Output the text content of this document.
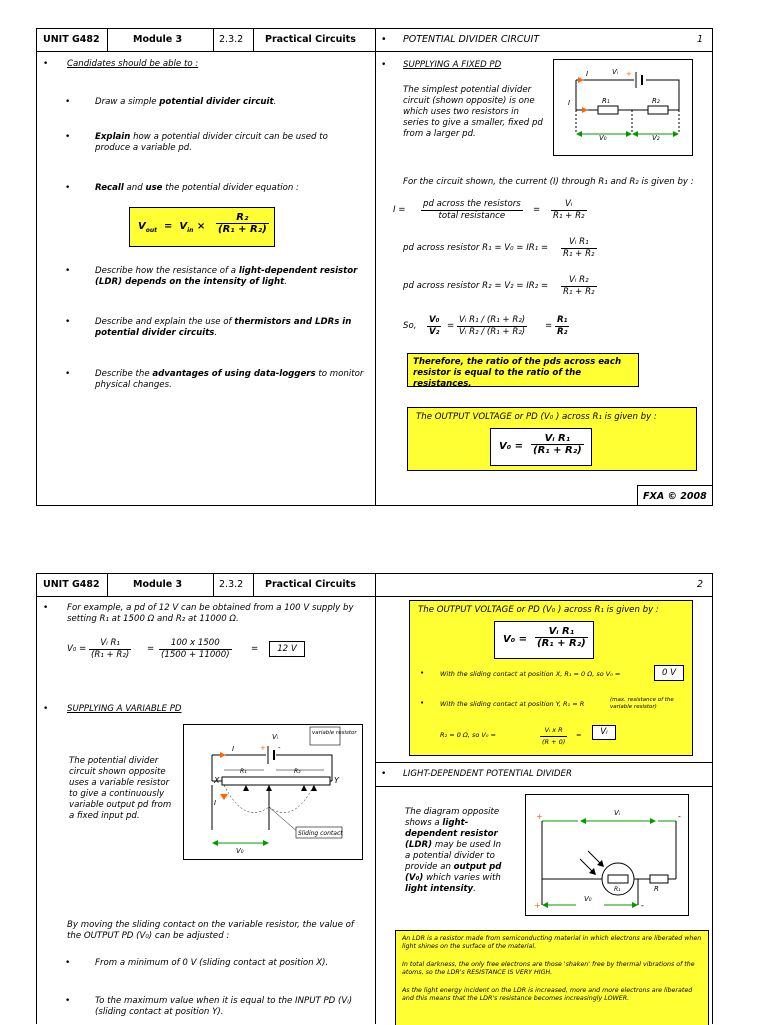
UNIT G482	Module 3	2.3.2	Practical Circuits	• POTENTIAL DIVIDER CIRCUIT	1
• Candidates should be able to :
•	Draw a simple potential divider circuit.
•	Explain how a potential divider circuit can be used to produce a variable pd.
•	Recall and use the potential divider equation :
$V_{out} = V_{in} \times \frac{\text{R₂}}{\text{(R₁ + R₂)}}$
•	Describe how the resistance of a light-dependent resistor (LDR) depends on the intensity of light.
•	Describe and explain the use of thermistors and LDRs in potential divider circuits.
•	Describe the advantages of using data-loggers to monitor physical changes.
• SUPPLYING A FIXED PD
The simplest potential divider circuit (shown opposite) is one which uses two resistors in series to give a smaller, fixed pd from a larger pd.
Vᵢ +
I
I	R₁	R₂
V₀	V₂
For the circuit shown, the current (I) through R₁ and R₂ is given by :
I =
pd across the resistors
total resistance
= $\frac{\text{Vᵢ}}{\text{R₁ + R₂}}$
pd across resistor $R_1 = V_0 = IR_1 = \frac{\text{Vᵢ R₁}}{\text{R₁ + R₂}}$
pd across resistor $R_2 = V_2 = IR_2 = \frac{\text{Vᵢ R₂}}{\text{R₁ + R₂}}$
So, $\frac{\text{V₀}}{\text{V₂}} = \frac{\text{Vᵢ R₁ / (R₁ + R₂)}}{\text{Vᵢ R₂ / (R₁ + R₂)}} = \frac{\text{R₁}}{\text{R₂}}$
Therefore, the ratio of the pds across each resistor is equal to the ratio of the resistances.
The OUTPUT VOLTAGE or PD (V₀ ) across R₁ is given by :
$V_0 = \frac{\text{Vᵢ R₁}}{\text{(R₁ + R₂)}}$
FXA © 2008
UNIT G482	Module 3	2.3.2	Practical Circuits	2
• For example, a pd of 12 V can be obtained from a 100 V supply by setting R₁ at 1500 Ω and R₂ at 11000 Ω.
$V_0 = \frac{\text{Vᵢ R₁}}{\text{(R₁ + R₂)}} = \frac{100 x 1500}{(1500 + 11000)}$ =	12 V
• SUPPLYING A VARIABLE PD
The potential divider circuit shown opposite uses a variable resistor to give a continuously variable output pd from a fixed input pd.
Vᵢ
+ -
variable resistor
I
I
X	Y
R₁	R₂
Sliding contact
V₀
By moving the sliding contact on the variable resistor, the value of the OUTPUT PD (V₀) can be adjusted :
•	From a minimum of 0 V (sliding contact at position X).
•	To the maximum value when it is equal to the INPUT PD (Vᵢ) (sliding contact at position Y).
The OUTPUT VOLTAGE or PD (V₀ ) across R₁ is given by :
$V_0 = \frac{\text{Vᵢ R₁}}{\text{(R₁ + R₂)}}$
• With the sliding contact at position X, R₁ = 0 Ω, so V₀ =	0 V
• With the sliding contact at position Y, R₁ = R	(max. resistance of the variable resistor)
R₂ = 0 Ω, so V₀ =	$\frac{\text{Vᵢ x R}}{(R + 0)}$ =	Vᵢ
• LIGHT-DEPENDENT POTENTIAL DIVIDER
The diagram opposite shows a light-dependent resistor (LDR) may be used In a potential divider to provide an output pd (V₀) which varies with light intensity.
+	-
Vᵢ
R₁	R
+	-
V₀
An LDR is a resistor made from semiconducting material in which electrons are liberated when light shines on the surface of the material.
In total darkness, the only free electrons are those 'shaken' free by thermal vibrations of the atoms, so the LDR's RESISTANCE IS VERY HIGH.
As the light energy incident on the LDR is increased, more and more electrons are liberated and this means that the LDR's resistance becomes increasingly LOWER.
